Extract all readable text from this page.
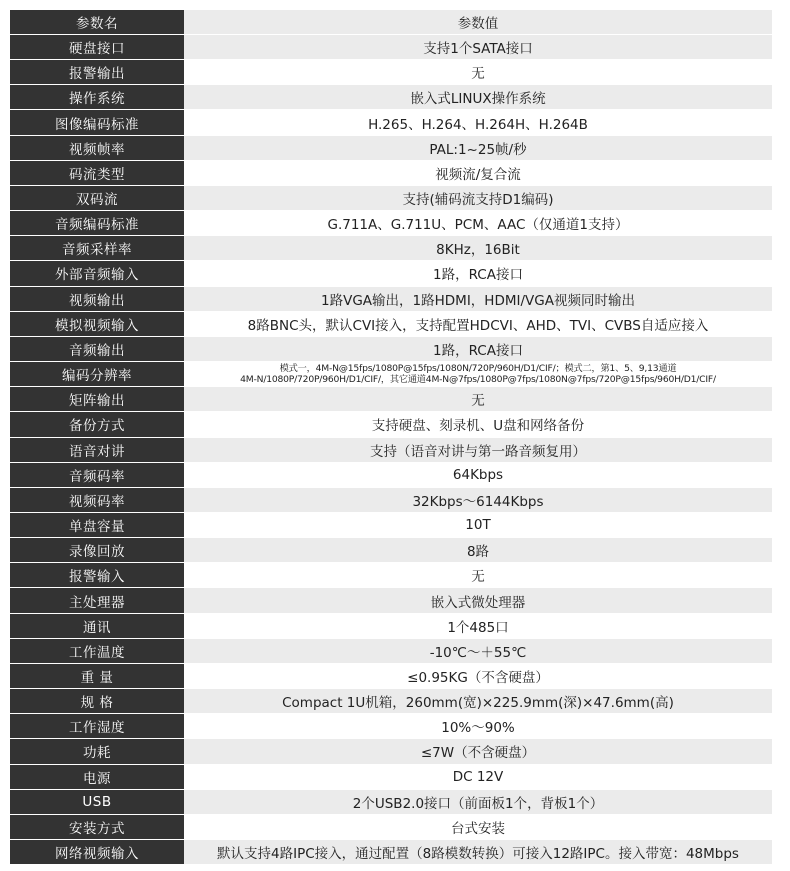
参数名	参数值
硬盘接口	支持1个SATA接口
报警输出	无
操作系统	嵌入式LINUX操作系统
图像编码标准	H.265、H.264、H.264H、H.264B
视频帧率	PAL:1~25帧/秒
码流类型	视频流/复合流
双码流	支持(辅码流支持D1编码)
音频编码标准	G.711A、G.711U、PCM、AAC（仅通道1支持）
音频采样率	8KHz，16Bit
外部音频输入	1路，RCA接口
视频输出	1路VGA输出，1路HDMI，HDMI/VGA视频同时输出
模拟视频输入	8路BNC头，默认CVI接入，支持配置HDCVI、AHD、TVI、CVBS自适应接入
音频输出	1路，RCA接口
编码分辨率	模式一，4M-N@15fps/1080P@15fps/1080N/720P/960H/D1/CIF/；模式二，第1、5、9,13通道
4M-N/1080P/720P/960H/D1/CIF/，其它通道4M-N@7fps/1080P@7fps/1080N@7fps/720P@15fps/960H/D1/CIF/
矩阵输出	无
备份方式	支持硬盘、刻录机、U盘和网络备份
语音对讲	支持（语音对讲与第一路音频复用）
音频码率	64Kbps
视频码率	32Kbps～6144Kbps
单盘容量	10T
录像回放	8路
报警输入	无
主处理器	嵌入式微处理器
通讯	1个485口
工作温度	-10℃～＋55℃
重 量	≤0.95KG（不含硬盘）
规 格	Compact 1U机箱，260mm(宽)×225.9mm(深)×47.6mm(高)
工作湿度	10%～90%
功耗	≤7W（不含硬盘）
电源	DC 12V
USB	2个USB2.0接口（前面板1个，背板1个）
安装方式	台式安装
网络视频输入	默认支持4路IPC接入，通过配置（8路模数转换）可接入12路IPC。接入带宽：48Mbps
